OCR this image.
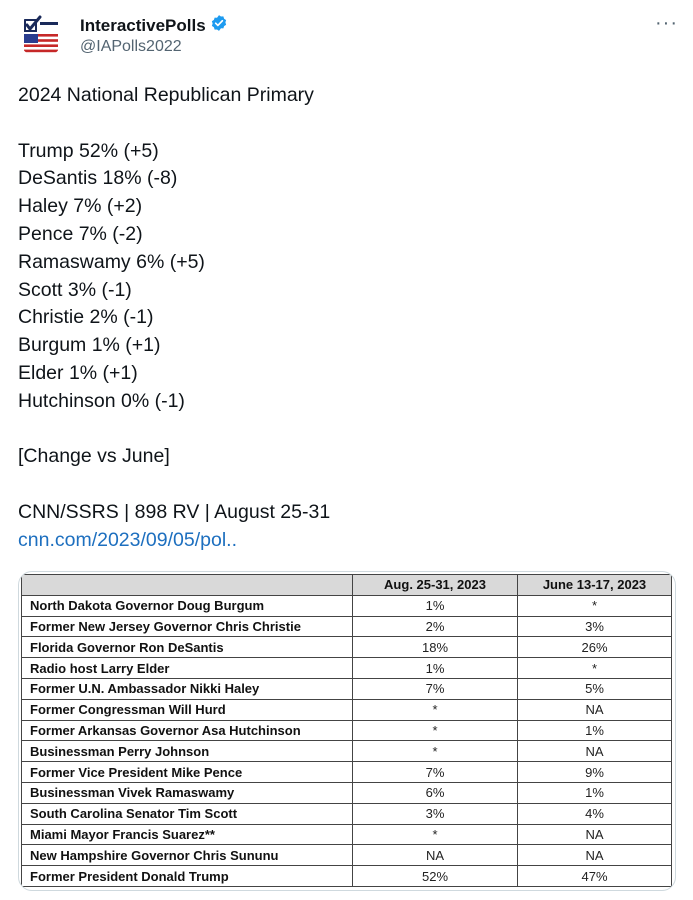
InteractivePolls
@IAPolls2022
···
2024 National Republican Primary
Trump 52% (+5)
DeSantis 18% (-8)
Haley 7% (+2)
Pence 7% (-2)
Ramaswamy 6% (+5)
Scott 3% (-1)
Christie 2% (-1)
Burgum 1% (+1)
Elder 1% (+1)
Hutchinson 0% (-1)
[Change vs June]
CNN/SSRS | 898 RV | August 25-31
cnn.com/2023/09/05/pol..
	Aug. 25-31, 2023	June 13-17, 2023
North Dakota Governor Doug Burgum	1%	*
Former New Jersey Governor Chris Christie	2%	3%
Florida Governor Ron DeSantis	18%	26%
Radio host Larry Elder	1%	*
Former U.N. Ambassador Nikki Haley	7%	5%
Former Congressman Will Hurd	*	NA
Former Arkansas Governor Asa Hutchinson	*	1%
Businessman Perry Johnson	*	NA
Former Vice President Mike Pence	7%	9%
Businessman Vivek Ramaswamy	6%	1%
South Carolina Senator Tim Scott	3%	4%
Miami Mayor Francis Suarez**	*	NA
New Hampshire Governor Chris Sununu	NA	NA
Former President Donald Trump	52%	47%
